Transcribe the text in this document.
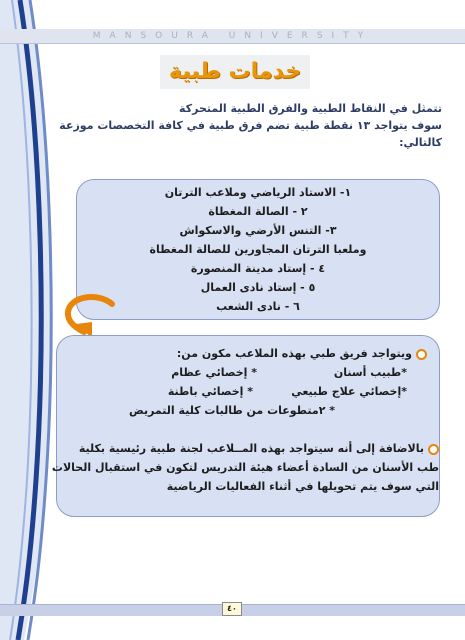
MANSOURA UNIVERSITY
خدمات طبية

تتمثل في النقاط الطبية والفرق الطبية المتحركة

سوف يتواجد ١٣ نقطة طبية تضم فرق طبية في كافة التخصصات موزعة

كالتالي:

١- الاستاد الرياضي وملاعب الترتان
٢ - الصالة المغطاة
٣- التنس الأرضي والاسكواش
وملعبا الترتان المجاورين للصالة المغطاة
٤ - إستاد مدينة المنصورة
٥ - إستاد نادى العمال
٦ - نادى الشعب
ويتواجد فريق طبي بهذه الملاعب مكون من:
*طبيب أسنان
* إخصائي عظام
*إخصائي علاج طبيعي
* إخصائي باطنة
* ٢متطوعات من طالبات كلية التمريض
بالاضافة إلى أنه سيتواجد بهذه المــلاعب لجنة طبية رئيسية بكلية
طب الأسنان من السادة أعضاء هيئة التدريس لتكون في استقبال الحالات
التي سوف يتم تحويلها في أثناء الفعاليات الرياضية
٤٠
